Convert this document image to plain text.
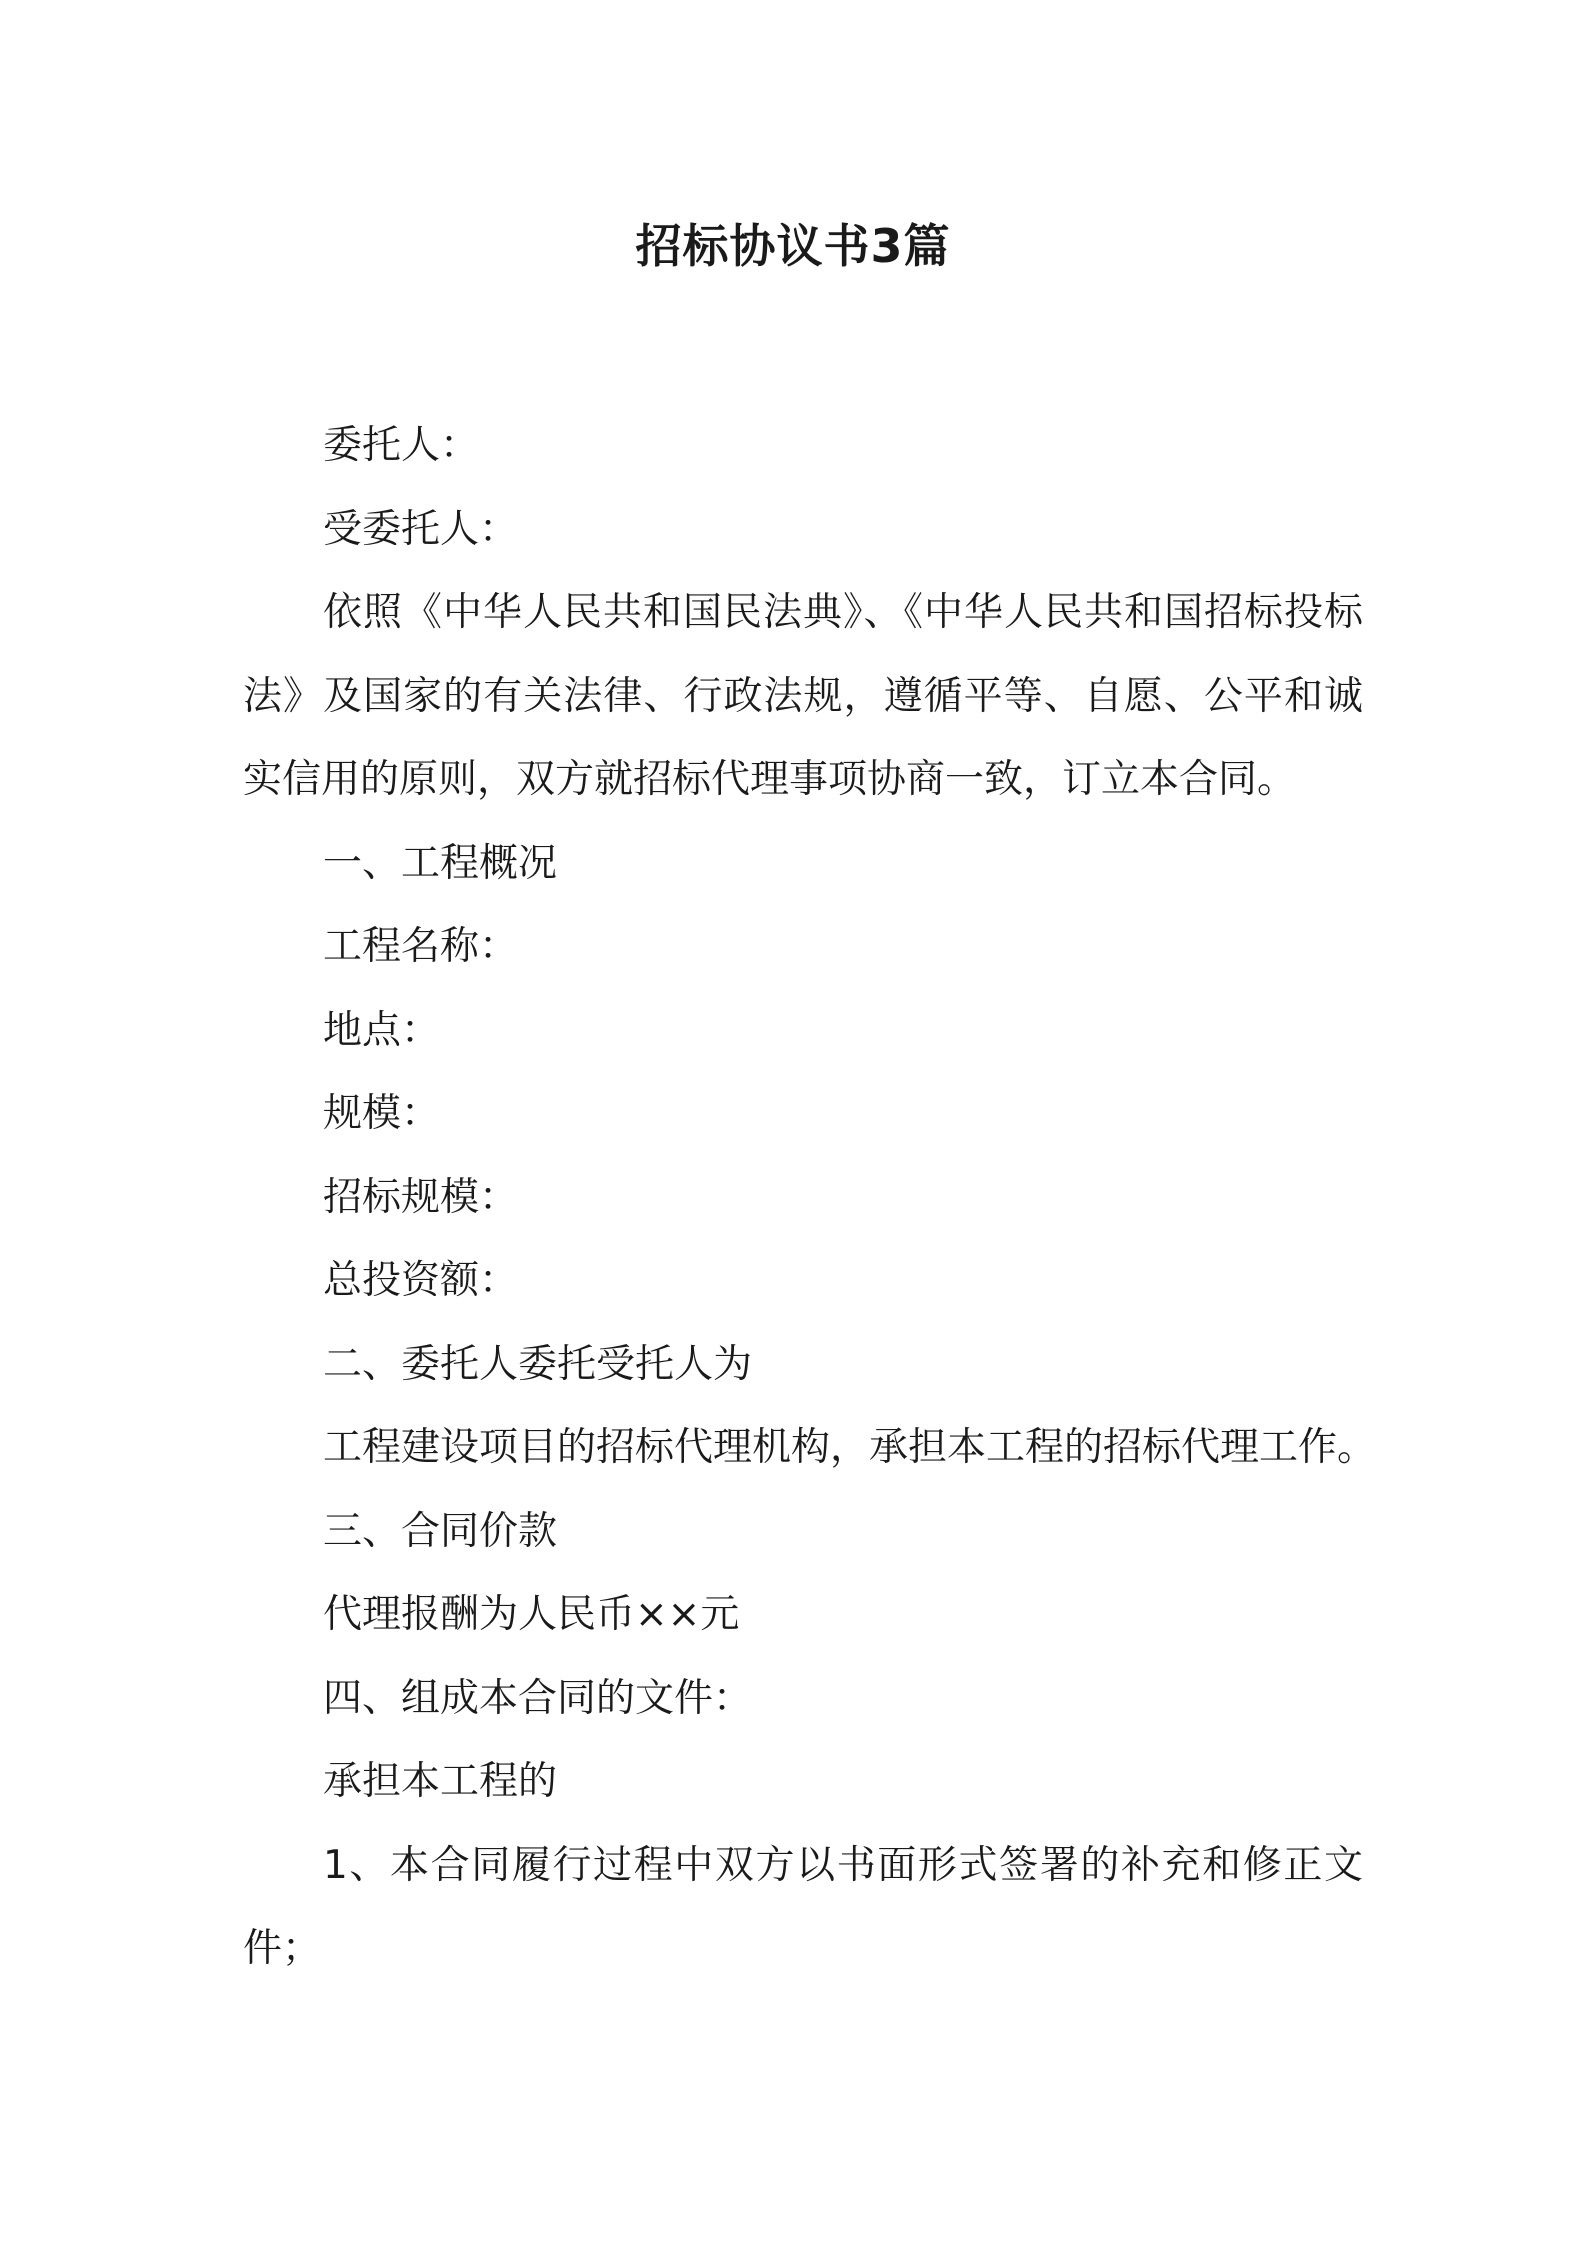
招标协议书3篇

委托人：

受委托人：

依照《中华人民共和国民法典》、《中华人民共和国招标投标法》及国家的有关法律、行政法规，遵循平等、自愿、公平和诚实信用的原则，双方就招标代理事项协商一致，订立本合同。

一、工程概况

工程名称：

地点：

规模：

招标规模：

总投资额：

二、委托人委托受托人为

工程建设项目的招标代理机构，承担本工程的招标代理工作。

三、合同价款

代理报酬为人民币××元

四、组成本合同的文件：

承担本工程的

1、本合同履行过程中双方以书面形式签署的补充和修正文件；
